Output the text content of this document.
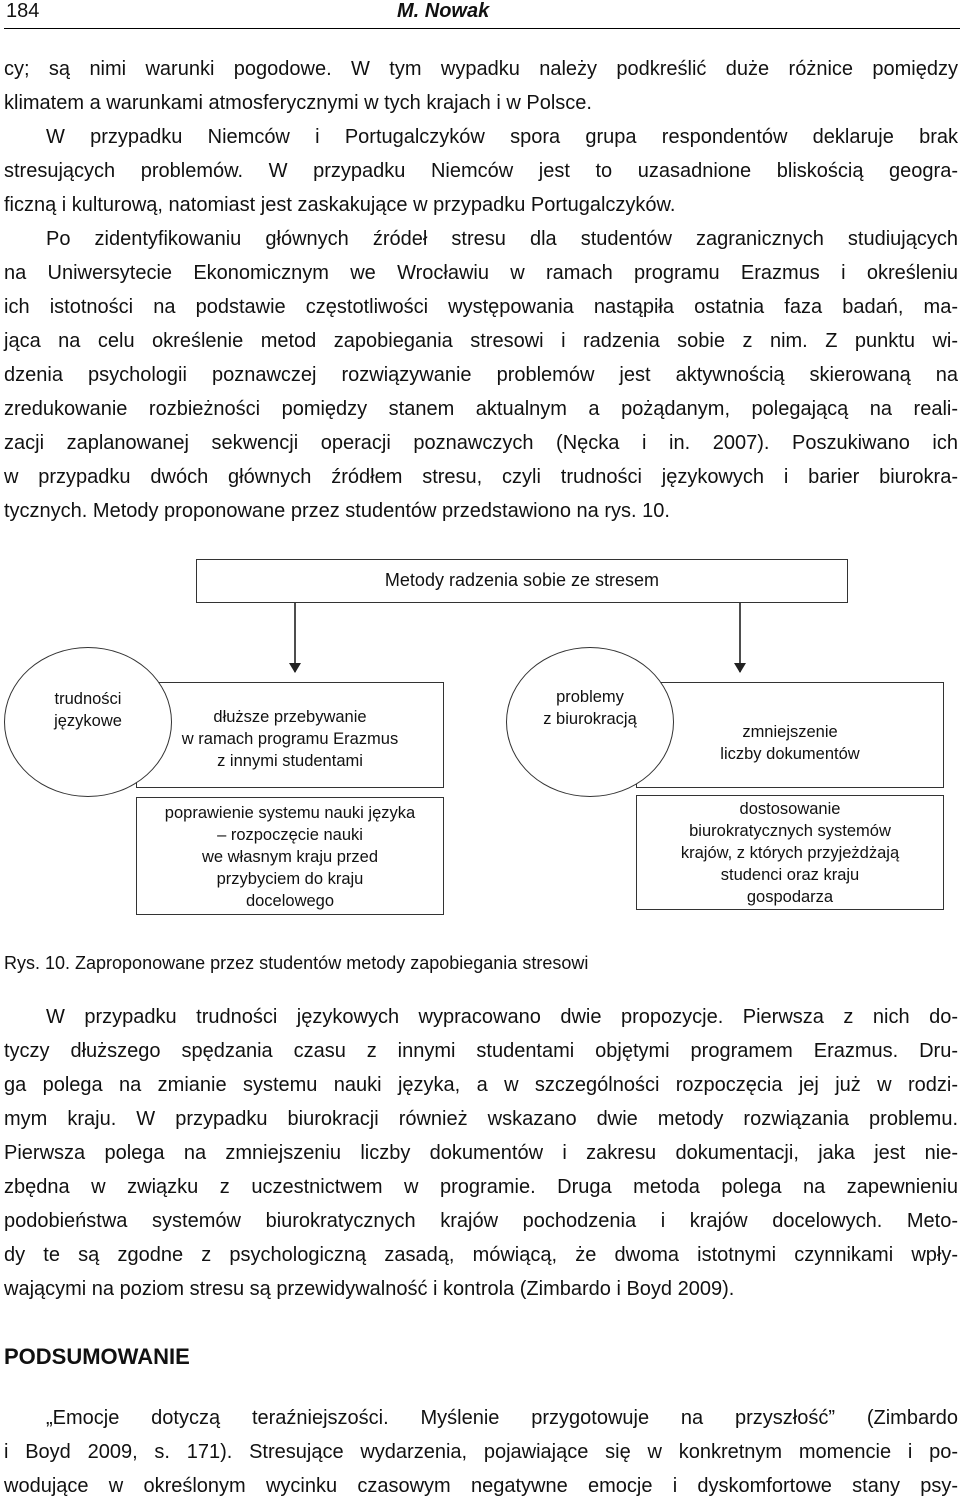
184	M. Nowak
cy; są nimi warunki pogodowe. W tym wypadku należy podkreślić duże różnice pomiędzy
klimatem a warunkami atmosferycznymi w tych krajach i w Polsce.
W przypadku Niemców i Portugalczyków spora grupa respondentów deklaruje brak
stresujących problemów. W przypadku Niemców jest to uzasadnione bliskością geogra-
ficzną i kulturową, natomiast jest zaskakujące w przypadku Portugalczyków.
Po zidentyfikowaniu głównych źródeł stresu dla studentów zagranicznych studiujących
na Uniwersytecie Ekonomicznym we Wrocławiu w ramach programu Erazmus i określeniu
ich istotności na podstawie częstotliwości występowania nastąpiła ostatnia faza badań, ma-
jąca na celu określenie metod zapobiegania stresowi i radzenia sobie z nim. Z punktu wi-
dzenia psychologii poznawczej rozwiązywanie problemów jest aktywnością skierowaną na
zredukowanie rozbieżności pomiędzy stanem aktualnym a pożądanym, polegającą na reali-
zacji zaplanowanej sekwencji operacji poznawczych (Nęcka i in. 2007). Poszukiwano ich
w przypadku dwóch głównych źródłem stresu, czyli trudności językowych i barier biurokra-
tycznych. Metody proponowane przez studentów przedstawiono na rys. 10.
Metody radzenia sobie ze stresem
dłuższe przebywanie
w ramach programu Erazmus
z innymi studentami
trudności
językowe
poprawienie systemu nauki języka
– rozpoczęcie nauki
we własnym kraju przed
przybyciem do kraju
docelowego
zmniejszenie
liczby dokumentów
problemy
z biurokracją
dostosowanie
biurokratycznych systemów
krajów, z których przyjeżdżają
studenci oraz kraju
gospodarza
Rys. 10. Zaproponowane przez studentów metody zapobiegania stresowi
W przypadku trudności językowych wypracowano dwie propozycje. Pierwsza z nich do-
tyczy dłuższego spędzania czasu z innymi studentami objętymi programem Erazmus. Dru-
ga polega na zmianie systemu nauki języka, a w szczególności rozpoczęcia jej już w rodzi-
mym kraju. W przypadku biurokracji również wskazano dwie metody rozwiązania problemu.
Pierwsza polega na zmniejszeniu liczby dokumentów i zakresu dokumentacji, jaka jest nie-
zbędna w związku z uczestnictwem w programie. Druga metoda polega na zapewnieniu
podobieństwa systemów biurokratycznych krajów pochodzenia i krajów docelowych. Meto-
dy te są zgodne z psychologiczną zasadą, mówiącą, że dwoma istotnymi czynnikami wpły-
wającymi na poziom stresu są przewidywalność i kontrola (Zimbardo i Boyd 2009).
PODSUMOWANIE
„Emocje dotyczą teraźniejszości. Myślenie przygotowuje na przyszłość” (Zimbardo
i Boyd 2009, s. 171). Stresujące wydarzenia, pojawiające się w konkretnym momencie i po-
wodujące w określonym wycinku czasowym negatywne emocje i dyskomfortowe stany psy-
